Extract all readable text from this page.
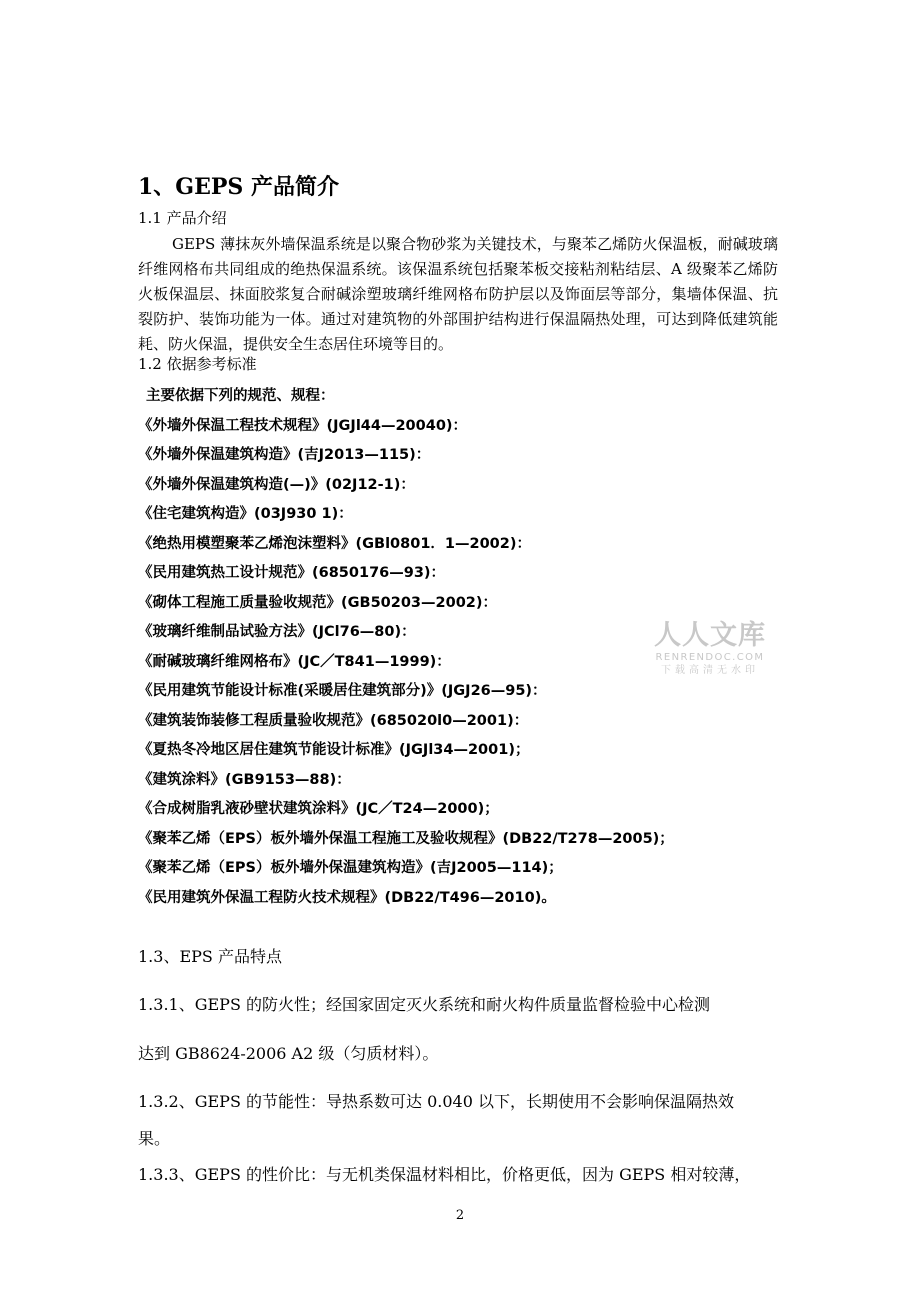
1、GEPS 产品简介
1.1 产品介绍
GEPS 薄抹灰外墙保温系统是以聚合物砂浆为关键技术，与聚苯乙烯防火保温板，耐碱玻璃纤维网格布共同组成的绝热保温系统。该保温系统包括聚苯板交接粘剂粘结层、A 级聚苯乙烯防火板保温层、抹面胶浆复合耐碱涂塑玻璃纤维网格布防护层以及饰面层等部分，集墙体保温、抗裂防护、装饰功能为一体。通过对建筑物的外部围护结构进行保温隔热处理，可达到降低建筑能耗、防火保温，提供安全生态居住环境等目的。
1.2 依据参考标准
主要依据下列的规范、规程：
《外墙外保温工程技术规程》(JGJl44—20040)：
《外墙外保温建筑构造》(吉J2013—115)：
《外墙外保温建筑构造(—)》(02J12-1)：
《住宅建筑构造》(03J930 1)：
《绝热用模塑聚苯乙烯泡沫塑料》(GBl0801．1—2002)：
《民用建筑热工设计规范》(6850176—93)：
《砌体工程施工质量验收规范》(GB50203—2002)：
《玻璃纤维制品试验方法》(JCl76—80)：
《耐碱玻璃纤维网格布》(JC／T841—1999)：
《民用建筑节能设计标准(采暖居住建筑部分)》(JGJ26—95)：
《建筑装饰装修工程质量验收规范》(685020l0—2001)：
《夏热冬冷地区居住建筑节能设计标准》(JGJl34—2001)；
《建筑涂料》(GB9153—88)：
《合成树脂乳液砂壁状建筑涂料》(JC／T24—2000)；
《聚苯乙烯（EPS）板外墙外保温工程施工及验收规程》(DB22/T278—2005)；
《聚苯乙烯（EPS）板外墙外保温建筑构造》(吉J2005—114)；
《民用建筑外保温工程防火技术规程》(DB22/T496—2010)。
人人文库
RENRENDOC.COM
下载高清无水印
1.3、EPS 产品特点
1.3.1、GEPS 的防火性；经国家固定灭火系统和耐火构件质量监督检验中心检测
达到 GB8624-2006 A2 级（匀质材料）。
1.3.2、GEPS 的节能性：导热系数可达 0.040 以下，长期使用不会影响保温隔热效
果。
1.3.3、GEPS 的性价比：与无机类保温材料相比，价格更低，因为 GEPS 相对较薄，
2
